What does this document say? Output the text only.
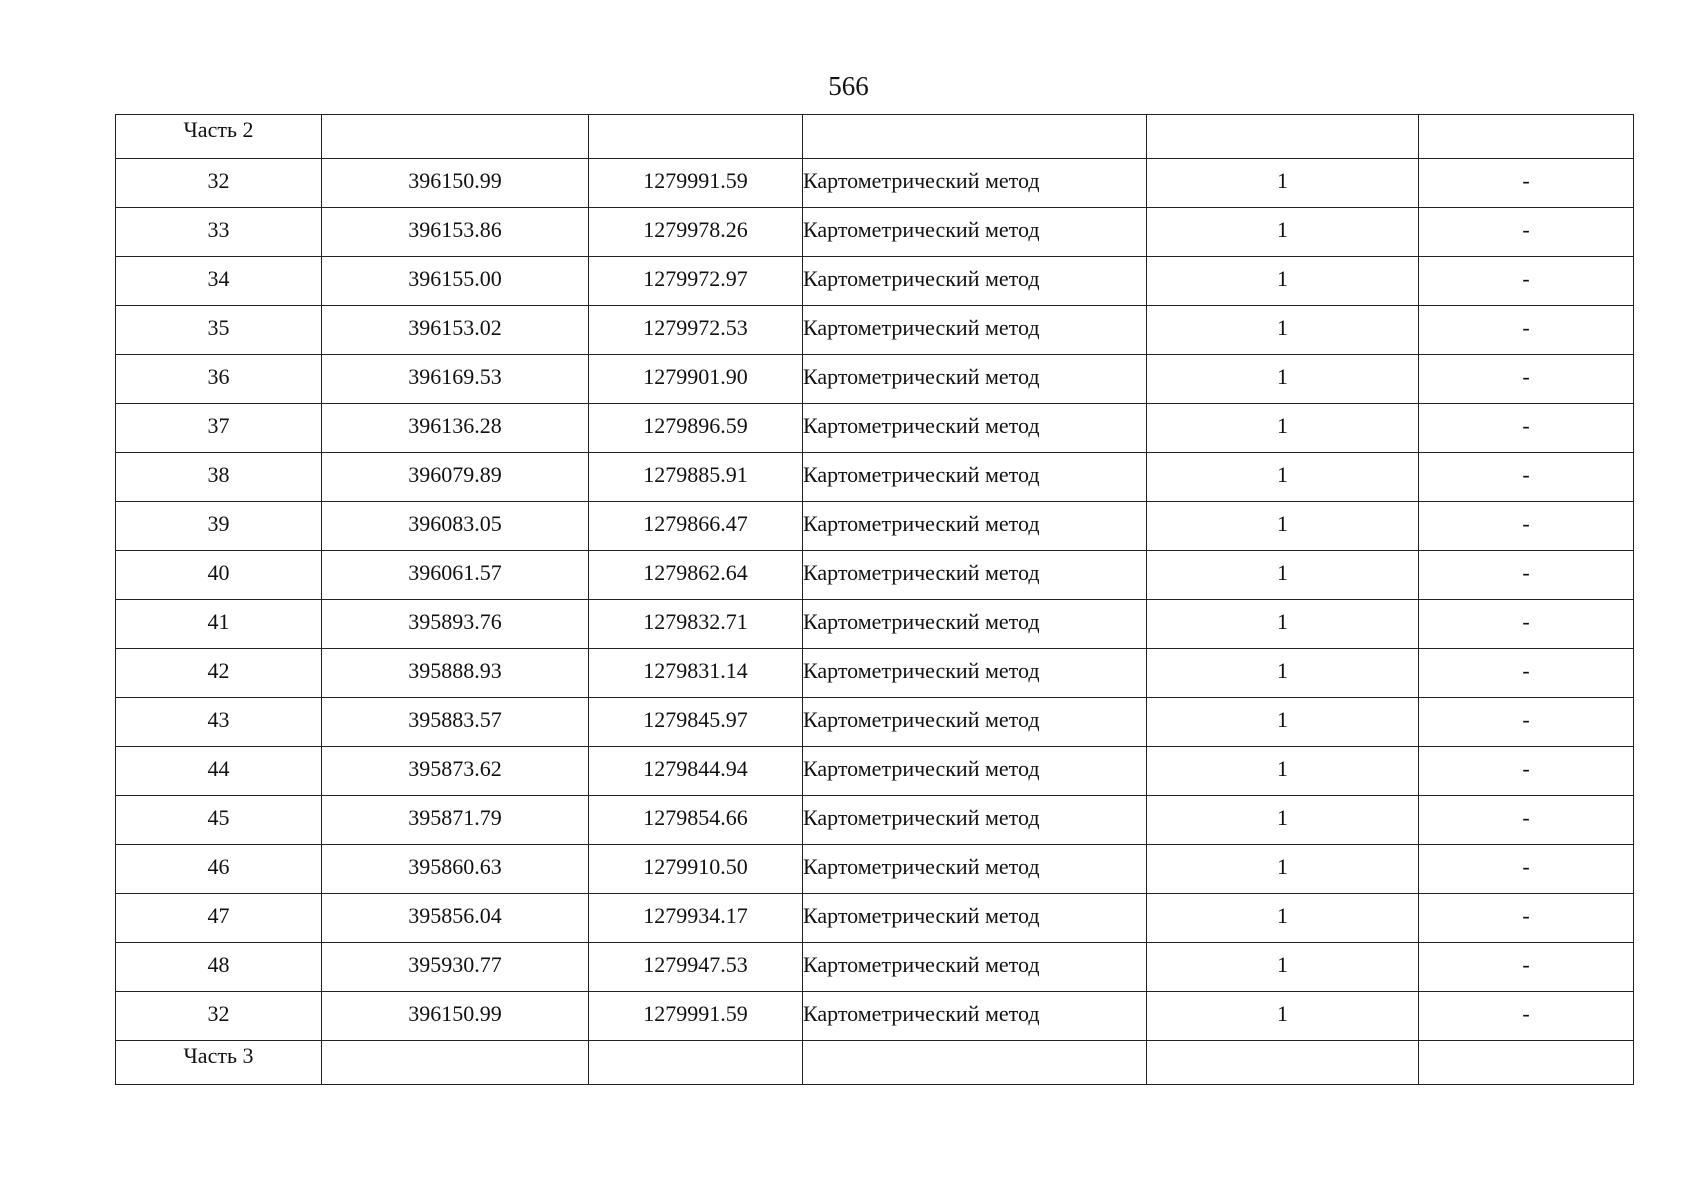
566
Часть 2					
32	396150.99	1279991.59	Картометрический метод	1	-
33	396153.86	1279978.26	Картометрический метод	1	-
34	396155.00	1279972.97	Картометрический метод	1	-
35	396153.02	1279972.53	Картометрический метод	1	-
36	396169.53	1279901.90	Картометрический метод	1	-
37	396136.28	1279896.59	Картометрический метод	1	-
38	396079.89	1279885.91	Картометрический метод	1	-
39	396083.05	1279866.47	Картометрический метод	1	-
40	396061.57	1279862.64	Картометрический метод	1	-
41	395893.76	1279832.71	Картометрический метод	1	-
42	395888.93	1279831.14	Картометрический метод	1	-
43	395883.57	1279845.97	Картометрический метод	1	-
44	395873.62	1279844.94	Картометрический метод	1	-
45	395871.79	1279854.66	Картометрический метод	1	-
46	395860.63	1279910.50	Картометрический метод	1	-
47	395856.04	1279934.17	Картометрический метод	1	-
48	395930.77	1279947.53	Картометрический метод	1	-
32	396150.99	1279991.59	Картометрический метод	1	-
Часть 3					
